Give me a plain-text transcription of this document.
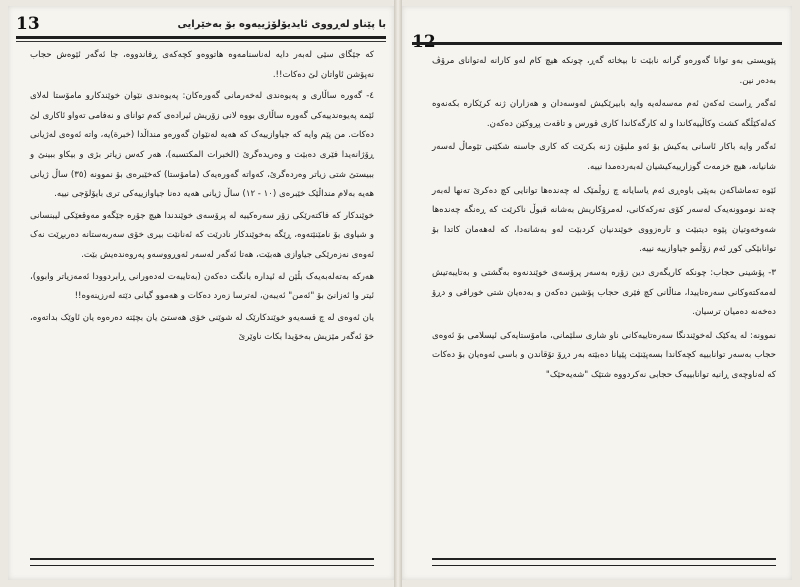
13	با پێناو لەڕووی ئایدیۆلۆژییەوە بۆ بەخێرایی

کە جێگای سێی لەبەر دایە لەناسنامەوە هاتووەو کچەکەی ڕفاندووە، جا ئەگەر ئێوەش حجاب نەپۆشن ئاواتان لێ دەکات!!.

٤- گەورە ساڵاری و پەیوەندی لەخەرمانی گەورەکان: پەیوەندی نێوان خوێندکارو مامۆستا لەلای ئێمە پەیوەندییەکی گەورە ساڵاری بووە لانی زۆریش ئیراده‌ی کەم توانای و نەفامی تەواو ئاکاری لێ دەکات. من پێم وایە کە جیاوازییەک کە هەیە لەنێوان گەورەو منداڵدا (خبرة)یە، واتە ئەوەی لەژیانی ڕۆژانەیدا فێری دەبێت و وەریدەگرێ (الخبرات المکتسبە)، هەر کەس زیاتر بژی و بیکاو ببینێ و ببیستێ شتی زیاتر وەردەگرێ، کەواتە گەورەیەک (مامۆستا) کەخێبرەی بۆ نموونە (٣٥) ساڵ ژیانی هەیە بەلام منداڵێک خێبرەی (١٠ - ١٢) ساڵ ژیانی هەیە دەنا جیاوازییەکی تری بایۆلۆجی نییە.

خوێندکار کە فاکتەرێکی زۆر سەرەکییە لە پرۆسەی خوێندندا هیچ جۆرە جێگەو مەوقعێکی لیبنسانی و شیاوی بۆ نامێنێتەوە، ڕێگە بەخوێندکار نادرێت کە ئەنانێت بیری خۆی سەربەستانە دەربڕێت نەک ئەوەی نەزەرێکی جیاوازی هەبێت، هەتا ئەگەر لەسەر ئەوڕووسەو پەروەندەیش بێت.

هەرکە بەتەلەبەیەک بڵێن لە ئیدارە بانگت دەکەن (بەتایبەت لەدەورانی ڕابردوودا ئەمەزیاتر وابوو)، ئیتر وا ئەزانێ بۆ "ئەمن" ئەیبەن، لەترسا زەرد دەکات و هەموو گیانی دێتە لەرزینەوە!!

یان ئەوەی لە چ قسەیەو خوێندکارێک لە شوێنی خۆی هەستێ یان بچێتە دەرەوە یان ئاوێک بداتەوە، خۆ ئەگەر مێزیش بەخۆیدا بکات ناوێرێ

پێویستی بەو توانا گەورەو گرانە نابێت تا بیخاتە گەڕ، چونکە هیچ کام لەو کارانە لەتوانای مرۆڤ بەدەر نین.

ئەگەر ڕاست ئەکەن ئەم مەسەلەیە وایە بابیرێکیش لەوسەدان و هەزاران ژنە کرێکارە بکەنەوە کەلەکێڵگە کشت وکاڵییەکاندا و لە کارگەکاندا کاری قورس و تاقەت پڕوکێن دەکەن.

ئەگەر وایە باکار ئاسانی یەکیش بۆ ئەو ملیۆن ژنە بکرێت کە کاری جاسنە شکێنی تێوماڵ لەسەر شانیانە، هیچ خزمەت گوزارییەکیشیان لەبەردەمدا نییە.

ئێوە تەماشاکەن بەپێی باوەڕی ئەم یاسایانە چ زوڵمێک لە چەندەها توانایی کچ دەکرێ تەنها لەبەر چەند نوموونەیەک لەسەر کۆی تەرکەکانی، لەمرۆکاریش بەشانە قبوڵ ناکرێت کە ڕەنگە چەندەها شەوخەوتیان پێوە دیتبێت و تارەزووی خوێندنیان کردبێت لەو بەشانەدا، کە لەهەمان کاتدا بۆ توانابێکی کوڕ ئەم زۆڵمو جیاوازییە نییە.

٣- پۆشینی حجاب: چونکە کاریگەری دین زۆرە بەسەر پرۆسەی خوێندنەوە بەگشتی و بەتایبەتیش لەمەکتەوکانی سەرەتاییدا، مناڵانی کچ فێری حجاب پۆشین دەکەن و بەدەیان شتی خورافی و دڕۆ دەخەنە دەمیان ترسیان.

نموونە: لە یەکێک لەخوێندنگا سەرەتاییەکانی ناو شاری سلێمانی، مامۆستایەکی ئیسلامی بۆ ئەوەی حجاب بەسەر توانابییە کچەکاندا بسەپێنێت پێیانا دەبێتە بەر دڕۆ تۆقاندن و باسی ئەوەیان بۆ دەکات کە لەناوچەی ڕانیە توانابییەک حجابی نەکردووە شتێک "شەیەحێک"
